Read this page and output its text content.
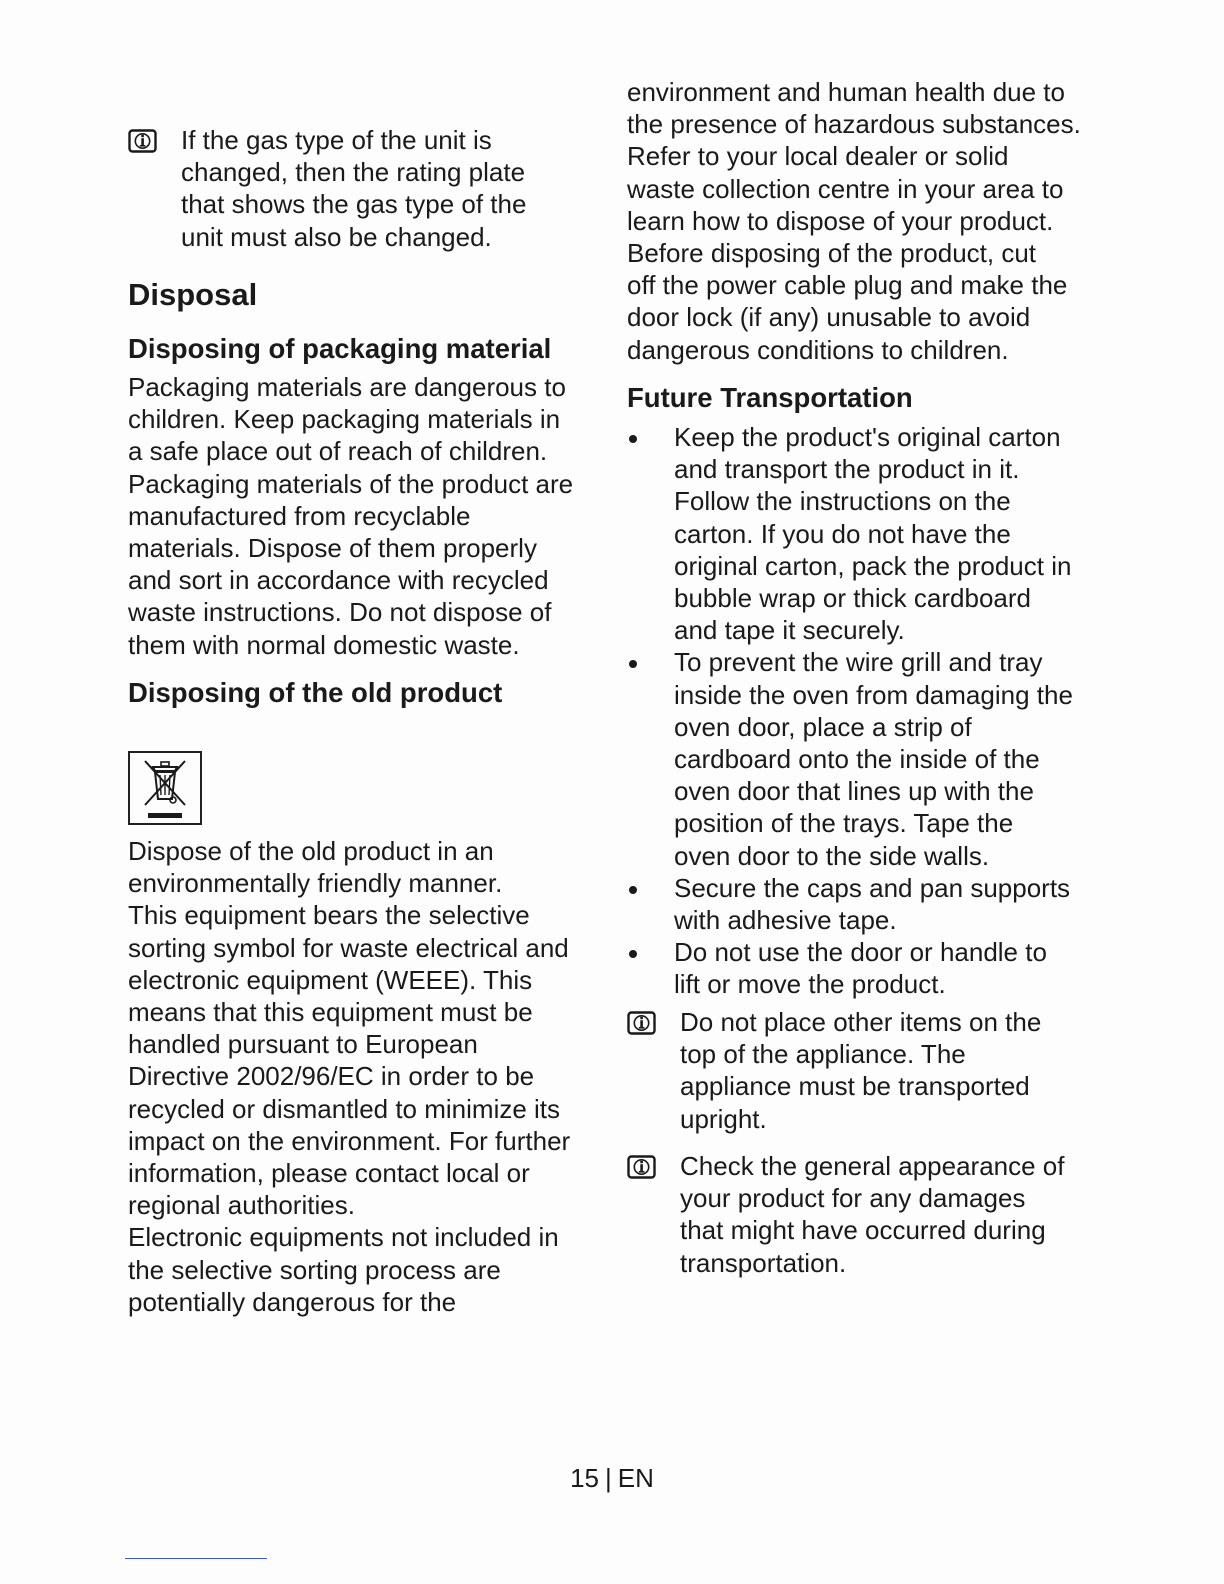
If the gas type of the unit is
changed, then the rating plate
that shows the gas type of the
unit must also be changed.
Disposal
Disposing of packaging material

Packaging materials are dangerous to
children. Keep packaging materials in
a safe place out of reach of children.
Packaging materials of the product are
manufactured from recyclable
materials. Dispose of them properly
and sort in accordance with recycled
waste instructions. Do not dispose of
them with normal domestic waste.

Disposing of the old product

Dispose of the old product in an
environmentally friendly manner.
This equipment bears the selective
sorting symbol for waste electrical and
electronic equipment (WEEE). This
means that this equipment must be
handled pursuant to European
Directive 2002/96/EC in order to be
recycled or dismantled to minimize its
impact on the environment. For further
information, please contact local or
regional authorities.
Electronic equipments not included in
the selective sorting process are
potentially dangerous for the

environment and human health due to
the presence of hazardous substances.
Refer to your local dealer or solid
waste collection centre in your area to
learn how to dispose of your product.
Before disposing of the product, cut
off the power cable plug and make the
door lock (if any) unusable to avoid
dangerous conditions to children.

Future Transportation
Keep the product's original carton
and transport the product in it.
Follow the instructions on the
carton. If you do not have the
original carton, pack the product in
bubble wrap or thick cardboard
and tape it securely.
To prevent the wire grill and tray
inside the oven from damaging the
oven door, place a strip of
cardboard onto the inside of the
oven door that lines up with the
position of the trays. Tape the
oven door to the side walls.
Secure the caps and pan supports
with adhesive tape.
Do not use the door or handle to
lift or move the product.
Do not place other items on the
top of the appliance. The
appliance must be transported
upright.
Check the general appearance of
your product for any damages
that might have occurred during
transportation.
15 | EN
